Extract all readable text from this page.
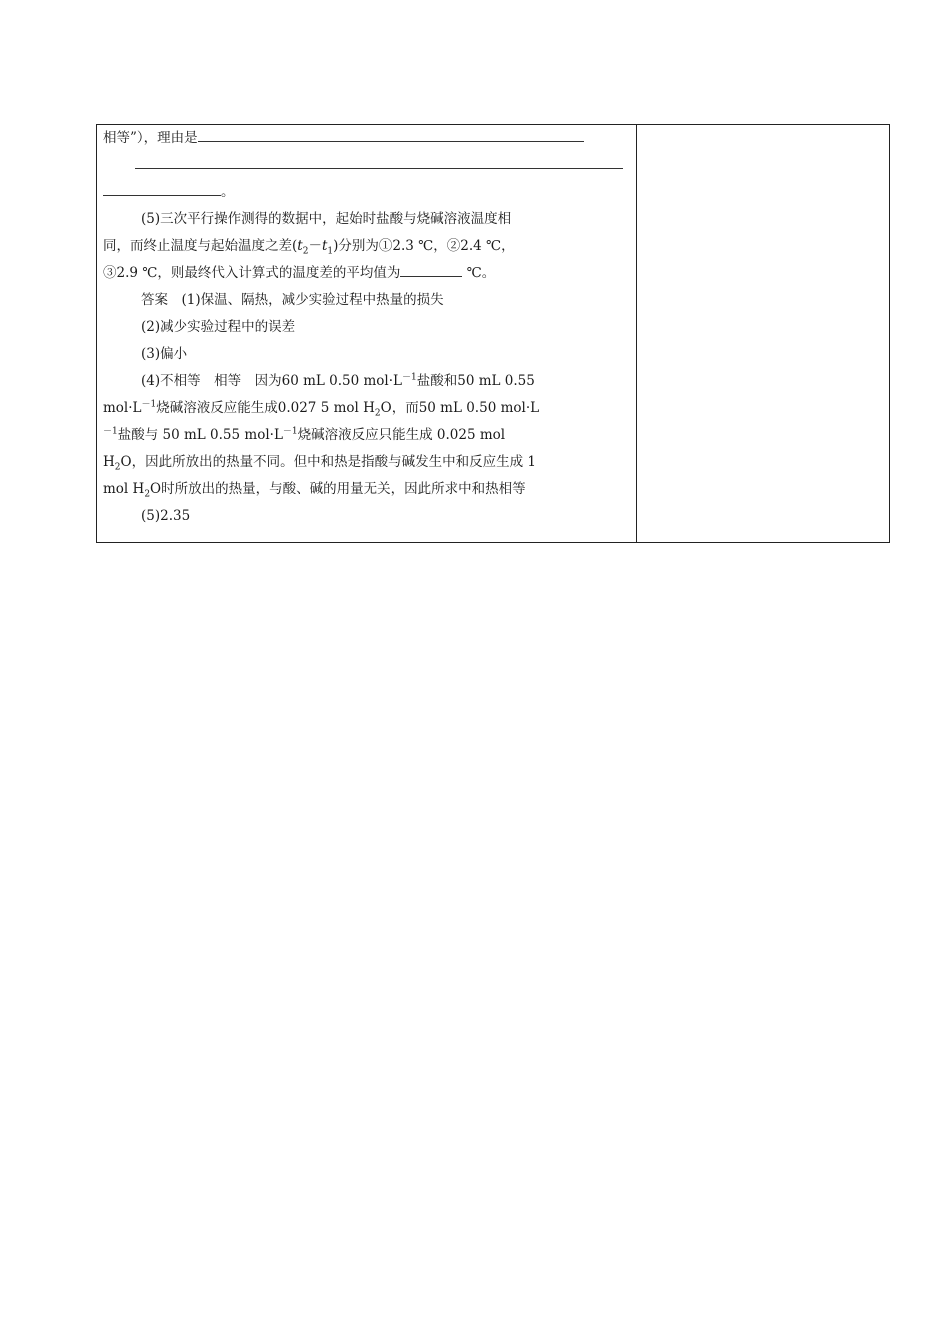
相等”），理由是
。
(5)三次平行操作测得的数据中，起始时盐酸与烧碱溶液温度相
同，而终止温度与起始温度之差$(t_2-t_1)$分别为①2.3 ℃，②2.4 ℃，
③2.9 ℃，则最终代入计算式的温度差的平均值为	℃。
答案　(1)保温、隔热，减少实验过程中热量的损失
(2)减少实验过程中的误差
(3)偏小
(4)不相等　相等　因为60 mL 0.50 $mol\cdot L^{-1}$盐酸和50 mL 0.55
$mol\cdot L^{-1}$烧碱溶液反应能生成0.027 5 mol $H_2O$，而50 mL 0.50 mol·L
$^{-1}$盐酸与 50 mL 0.55 $mol\cdot L^{-1}$烧碱溶液反应只能生成 0.025 mol
$H_2O$，因此所放出的热量不同。但中和热是指酸与碱发生中和反应生成 1
mol $H_2O$时所放出的热量，与酸、碱的用量无关，因此所求中和热相等
(5)2.35
